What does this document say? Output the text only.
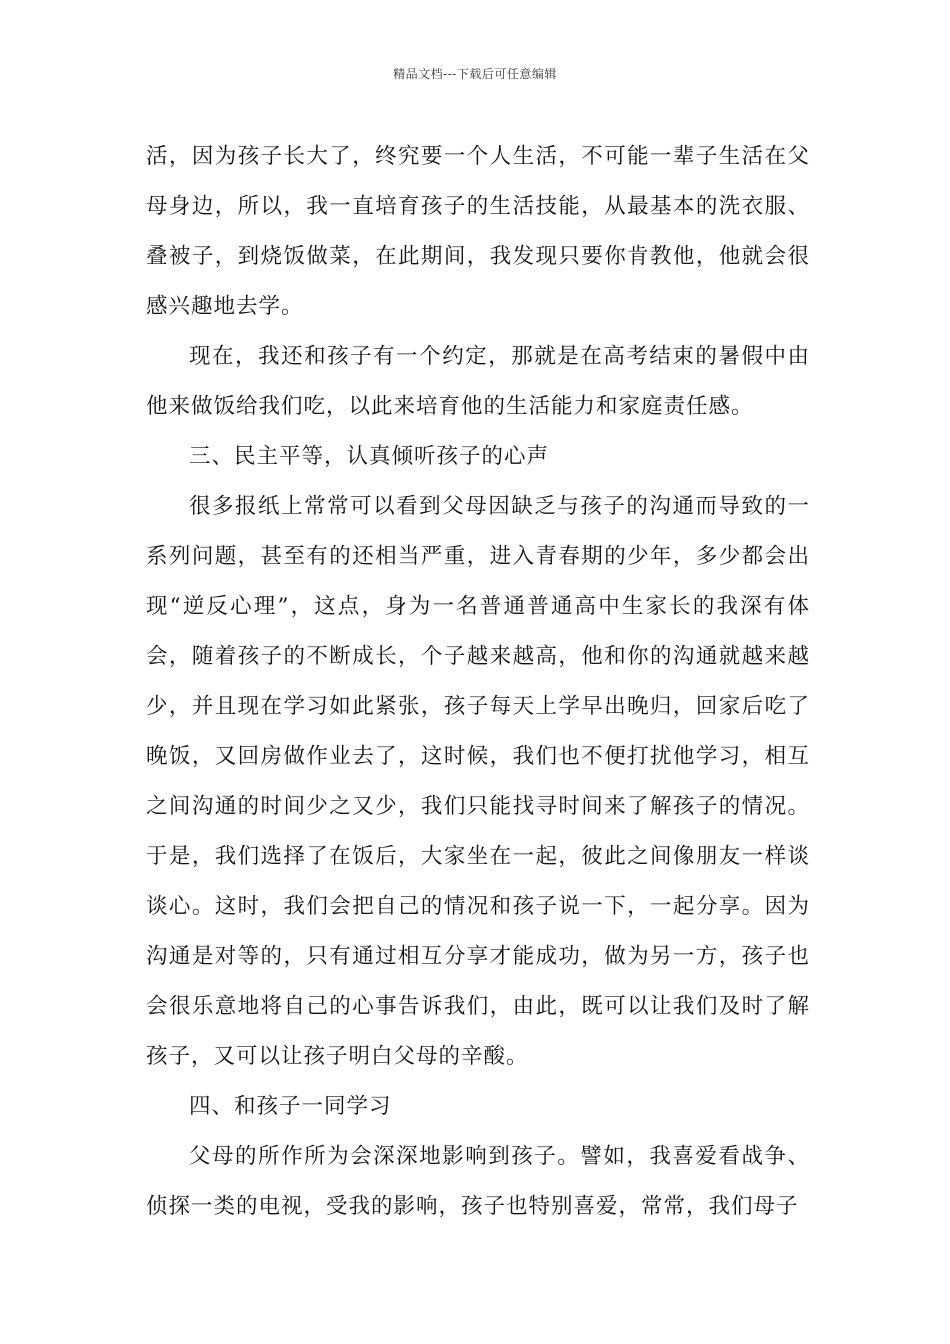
精品文档---下载后可任意编辑

活，因为孩子长大了，终究要一个人生活，不可能一辈子生活在父母身边，所以，我一直培育孩子的生活技能，从最基本的洗衣服、叠被子，到烧饭做菜，在此期间，我发现只要你肯教他，他就会很感兴趣地去学。

现在，我还和孩子有一个约定，那就是在高考结束的暑假中由他来做饭给我们吃，以此来培育他的生活能力和家庭责任感。

三、民主平等，认真倾听孩子的心声

很多报纸上常常可以看到父母因缺乏与孩子的沟通而导致的一系列问题，甚至有的还相当严重，进入青春期的少年，多少都会出现“逆反心理”，这点，身为一名普通普通高中生家长的我深有体会，随着孩子的不断成长，个子越来越高，他和你的沟通就越来越少，并且现在学习如此紧张，孩子每天上学早出晚归，回家后吃了晚饭，又回房做作业去了，这时候，我们也不便打扰他学习，相互之间沟通的时间少之又少，我们只能找寻时间来了解孩子的情况。于是，我们选择了在饭后，大家坐在一起，彼此之间像朋友一样谈谈心。这时，我们会把自己的情况和孩子说一下，一起分享。因为沟通是对等的，只有通过相互分享才能成功，做为另一方，孩子也会很乐意地将自己的心事告诉我们，由此，既可以让我们及时了解孩子，又可以让孩子明白父母的辛酸。

四、和孩子一同学习

父母的所作所为会深深地影响到孩子。譬如，我喜爱看战争、侦探一类的电视，受我的影响，孩子也特别喜爱，常常，我们母子
